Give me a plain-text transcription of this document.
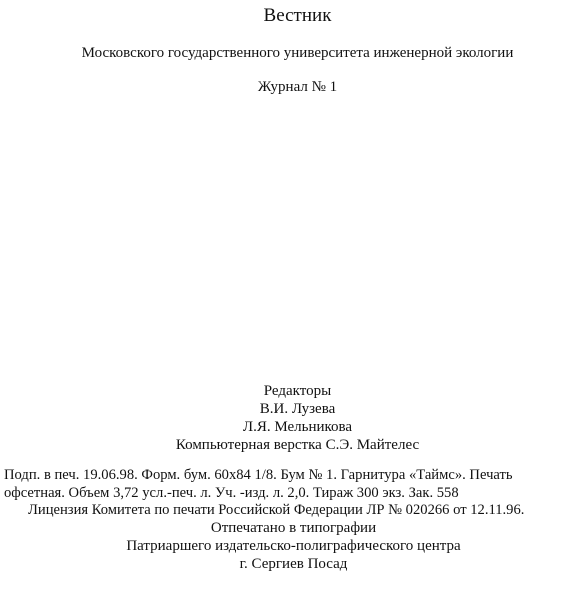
Вестник
Московского государственного университета инженерной экологии
Журнал № 1
Редакторы
В.И. Лузева
Л.Я. Мельникова
Компьютерная верстка С.Э. Майтелес
Подп. в печ. 19.06.98. Форм. бум. 60x84 1/8. Бум № 1. Гарнитура «Таймс». Печать
офсетная. Объем 3,72 усл.-печ. л. Уч. -изд. л. 2,0. Тираж 300 экз. Зак. 558
Лицензия Комитета по печати Российской Федерации ЛР № 020266 от 12.11.96.
Отпечатано в типографии
Патриаршего издательско-полиграфического центра
г. Сергиев Посад
